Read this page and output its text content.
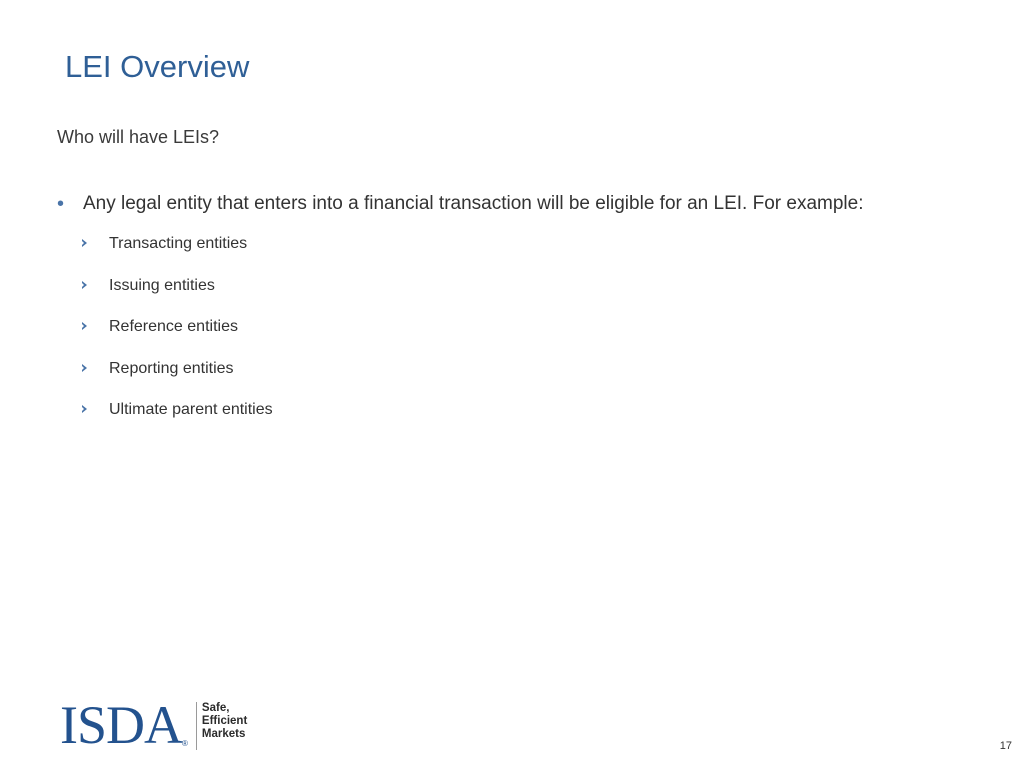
LEI Overview
Who will have LEIs?
• Any legal entity that enters into a financial transaction will be eligible for an LEI. For example:
Transacting entities
Issuing entities
Reference entities
Reporting entities
Ultimate parent entities
ISDA ®
Safe,
Efficient
Markets
17
